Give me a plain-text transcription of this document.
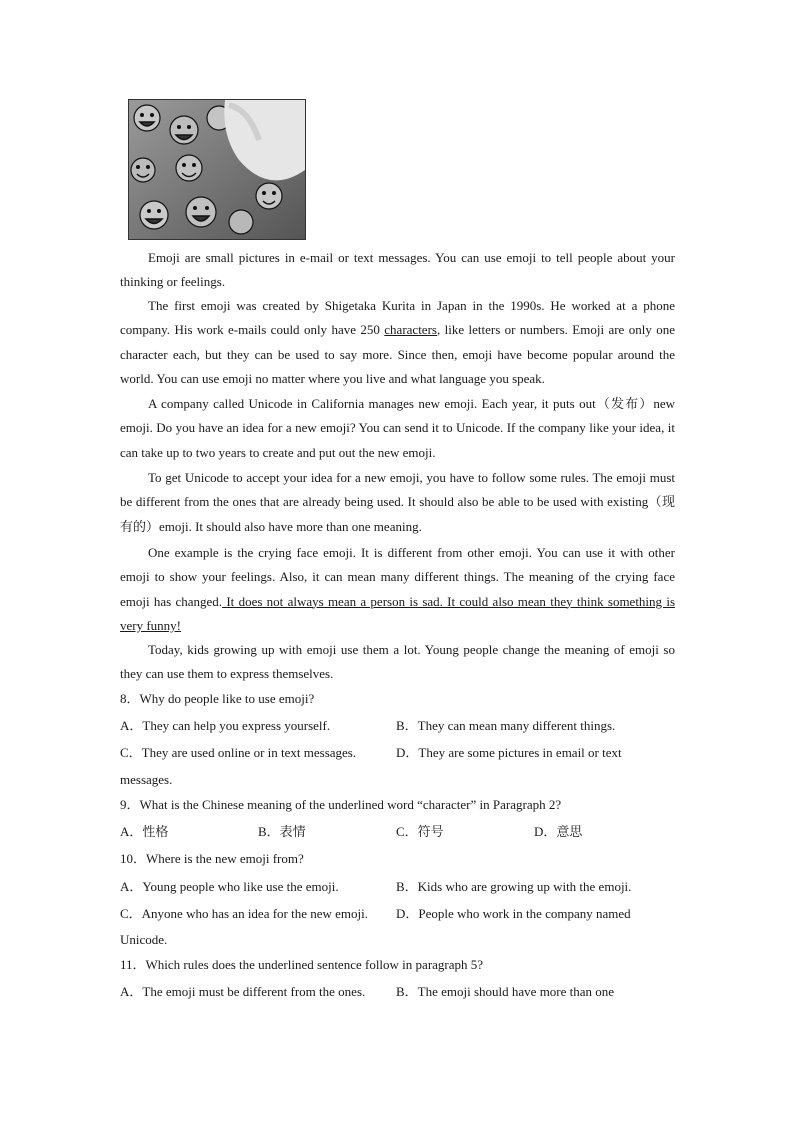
Emoji are small pictures in e-mail or text messages. You can use emoji to tell people about your thinking or feelings.

The first emoji was created by Shigetaka Kurita in Japan in the 1990s. He worked at a phone company. His work e-mails could only have 250 characters, like letters or numbers. Emoji are only one character each, but they can be used to say more. Since then, emoji have become popular around the world. You can use emoji no matter where you live and what language you speak.

A company called Unicode in California manages new emoji. Each year, it puts out（发布）new emoji. Do you have an idea for a new emoji? You can send it to Unicode. If the company like your idea, it can take up to two years to create and put out the new emoji.

To get Unicode to accept your idea for a new emoji, you have to follow some rules. The emoji must be different from the ones that are already being used. It should also be able to be used with existing（现有的）emoji. It should also have more than one meaning.

One example is the crying face emoji. It is different from other emoji. You can use it with other emoji to show your feelings. Also, it can mean many different things. The meaning of the crying face emoji has changed. It does not always mean a person is sad. It could also mean they think something is very funny!

Today, kids growing up with emoji use them a lot. Young people change the meaning of emoji so they can use them to express themselves.

8．Why do people like to use emoji?
A．They can help you express yourself.	B．They can mean many different things.
C．They are used online or in text messages.	D．They are some pictures in email or text
messages.
9．What is the Chinese meaning of the underlined word “character” in Paragraph 2?
A．性格	B．表情	C．符号	D．意思
10．Where is the new emoji from?
A．Young people who like use the emoji.	B．Kids who are growing up with the emoji.
C．Anyone who has an idea for the new emoji. D．People who work in the company named
Unicode.
11．Which rules does the underlined sentence follow in paragraph 5?
A．The emoji must be different from the ones. B．The emoji should have more than one
